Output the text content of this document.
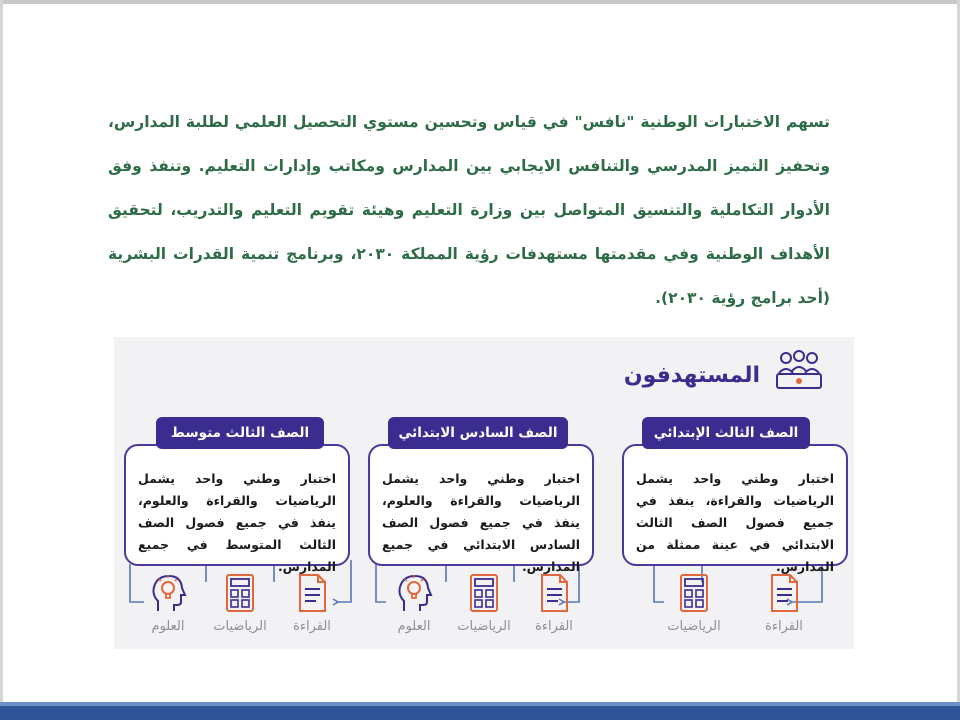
تسهم الاختبارات الوطنية "نافس" في قياس وتحسين مستوي التحصيل العلمي لطلبة المدارس، وتحفيز التميز المدرسي والتنافس الايجابي بين المدارس ومكاتب وإدارات التعليم. وتنفذ وفق الأدوار التكاملية والتنسيق المتواصل بين وزارة التعليم وهيئة تقويم التعليم والتدريب، لتحقيق الأهداف الوطنية وفي مقدمتها مستهدفات رؤية المملكة ٢٠٣٠، وبرنامج تنمية القدرات البشرية (أحد برامج رؤية ٢٠٣٠).
المستهدفون
اختبار وطني واحد يشمل الرياضيات والقراءة، ينفذ في جميع فصول الصف الثالث الابتدائي في عينة ممثلة من المدارس.
الصف الثالث الإبتدائي
اختبار وطني واحد يشمل الرياضيات والقراءة والعلوم، ينفذ في جميع فصول الصف السادس الابتدائي في جميع المدارس.
الصف السادس الابتدائي
اختبار وطني واحد يشمل الرياضيات والقراءة والعلوم، ينفذ في جميع فصول الصف الثالث المتوسط في جميع المدارس.
الصف الثالث متوسط
القراءة
الرياضيات
القراءة
الرياضيات
العلوم
القراءة
الرياضيات
العلوم
